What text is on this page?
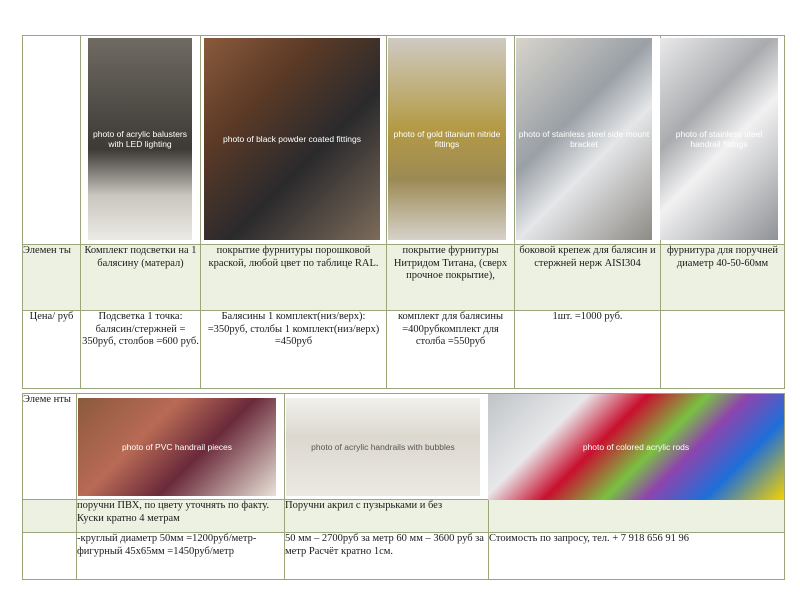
Элемен ты	Комплект подсветки на 1 балясину (матерал)	покрытие фурнитуры порошковой краской, любой цвет по таблице RAL.	покрытие фурнитуры Нитридом Титана, (сверх прочное покрытие),	боковой крепеж для балясин и стержней нерж AISI304	фурнитура для поручней диаметр 40-50-60мм
Цена/ руб	Подсветка 1 точка: балясин/стержней = 350руб, столбов =600 руб.	Балясины 1 комплект(низ/верх): =350руб, столбы 1 комплект(низ/верх) =450руб	комплект для балясины =400рубкомплект для столба =550руб	1шт. =1000 руб.	
Элеме нты			
	поручни ПВХ, по цвету уточнять по факту. Куски кратно 4 метрам	Поручни акрил с пузырьками и без	
	-круглый диаметр 50мм =1200руб/метр-фигурный 45х65мм =1450руб/метр	50 мм – 2700руб за метр 60 мм – 3600 руб за метр Расчёт кратно 1см.	Стоимость по запросу, тел. + 7 918 656 91 96
photo of acrylic balusters with LED lighting	photo of black powder coated fittings	photo of gold titanium nitride fittings
photo of stainless steel side mount bracket
photo of stainless steel handrail fittings
photo of PVC handrail pieces	photo of acrylic handrails with bubbles	photo of colored acrylic rods
